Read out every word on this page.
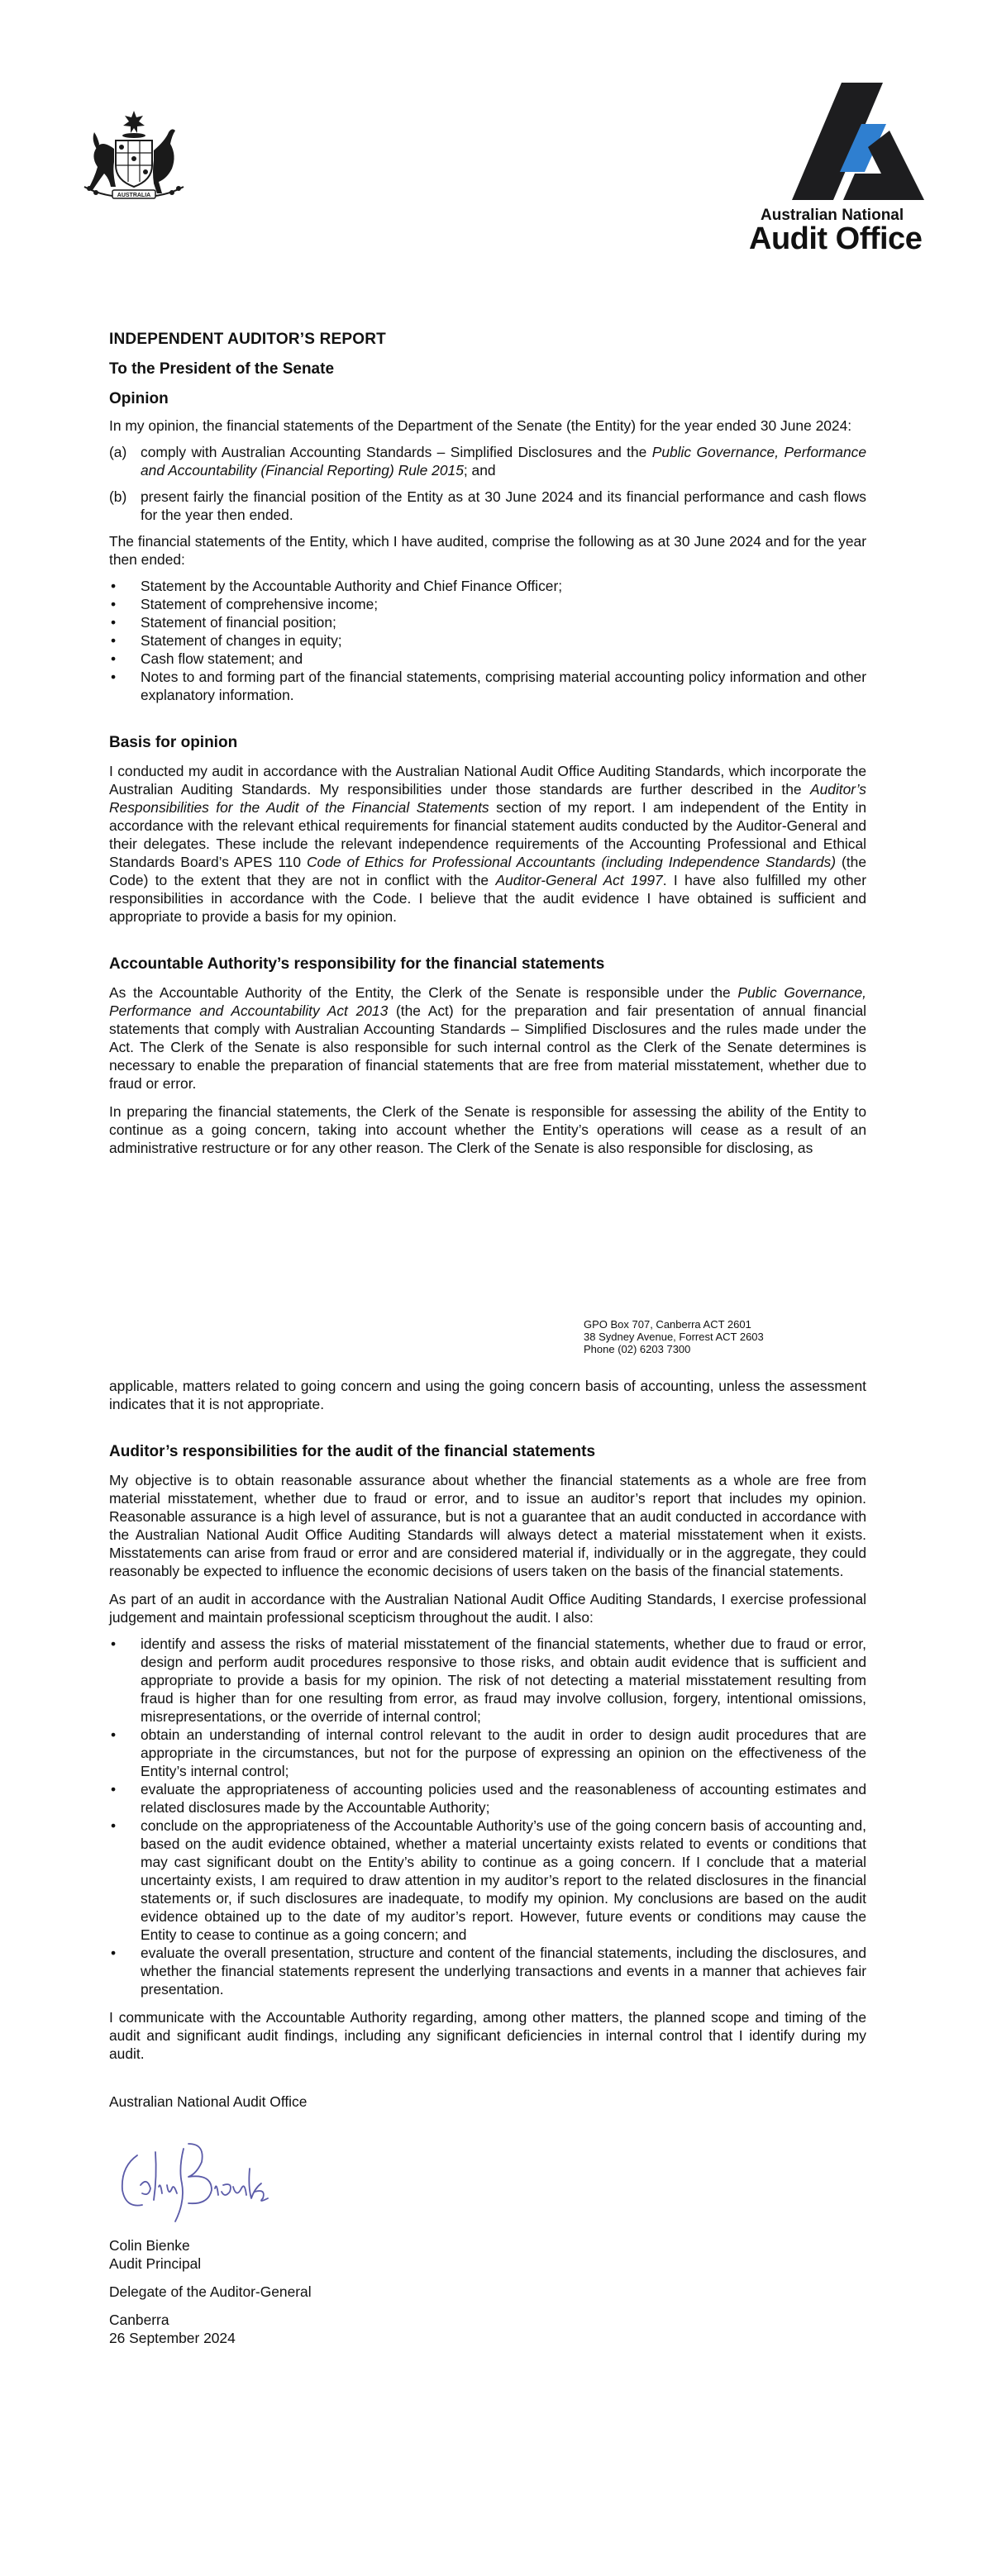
AUSTRALIA
Australian National
Audit Office
INDEPENDENT AUDITOR’S REPORT
To the President of the Senate
Opinion

In my opinion, the financial statements of the Department of the Senate (the Entity) for the year ended 30 June 2024:

(a) comply with Australian Accounting Standards – Simplified Disclosures and the Public Governance, Performance and Accountability (Financial Reporting) Rule 2015; and
(b) present fairly the financial position of the Entity as at 30 June 2024 and its financial performance and cash flows for the year then ended.

The financial statements of the Entity, which I have audited, comprise the following as at 30 June 2024 and for the year then ended:

• Statement by the Accountable Authority and Chief Finance Officer;
• Statement of comprehensive income;
• Statement of financial position;
• Statement of changes in equity;
• Cash flow statement; and
• Notes to and forming part of the financial statements, comprising material accounting policy information and other explanatory information.
Basis for opinion

I conducted my audit in accordance with the Australian National Audit Office Auditing Standards, which incorporate the Australian Auditing Standards. My responsibilities under those standards are further described in the Auditor’s Responsibilities for the Audit of the Financial Statements section of my report. I am independent of the Entity in accordance with the relevant ethical requirements for financial statement audits conducted by the Auditor-General and their delegates. These include the relevant independence requirements of the Accounting Professional and Ethical Standards Board’s APES 110 Code of Ethics for Professional Accountants (including Independence Standards) (the Code) to the extent that they are not in conflict with the Auditor-General Act 1997. I have also fulfilled my other responsibilities in accordance with the Code. I believe that the audit evidence I have obtained is sufficient and appropriate to provide a basis for my opinion.

Accountable Authority’s responsibility for the financial statements

As the Accountable Authority of the Entity, the Clerk of the Senate is responsible under the Public Governance, Performance and Accountability Act 2013 (the Act) for the preparation and fair presentation of annual financial statements that comply with Australian Accounting Standards – Simplified Disclosures and the rules made under the Act. The Clerk of the Senate is also responsible for such internal control as the Clerk of the Senate determines is necessary to enable the preparation of financial statements that are free from material misstatement, whether due to fraud or error.

In preparing the financial statements, the Clerk of the Senate is responsible for assessing the ability of the Entity to continue as a going concern, taking into account whether the Entity’s operations will cease as a result of an administrative restructure or for any other reason. The Clerk of the Senate is also responsible for disclosing, as

GPO Box 707, Canberra ACT 2601
38 Sydney Avenue, Forrest ACT 2603
Phone (02) 6203 7300

applicable, matters related to going concern and using the going concern basis of accounting, unless the assessment indicates that it is not appropriate.

Auditor’s responsibilities for the audit of the financial statements

My objective is to obtain reasonable assurance about whether the financial statements as a whole are free from material misstatement, whether due to fraud or error, and to issue an auditor’s report that includes my opinion. Reasonable assurance is a high level of assurance, but is not a guarantee that an audit conducted in accordance with the Australian National Audit Office Auditing Standards will always detect a material misstatement when it exists. Misstatements can arise from fraud or error and are considered material if, individually or in the aggregate, they could reasonably be expected to influence the economic decisions of users taken on the basis of the financial statements.

As part of an audit in accordance with the Australian National Audit Office Auditing Standards, I exercise professional judgement and maintain professional scepticism throughout the audit. I also:

• identify and assess the risks of material misstatement of the financial statements, whether due to fraud or error, design and perform audit procedures responsive to those risks, and obtain audit evidence that is sufficient and appropriate to provide a basis for my opinion. The risk of not detecting a material misstatement resulting from fraud is higher than for one resulting from error, as fraud may involve collusion, forgery, intentional omissions, misrepresentations, or the override of internal control;
• obtain an understanding of internal control relevant to the audit in order to design audit procedures that are appropriate in the circumstances, but not for the purpose of expressing an opinion on the effectiveness of the Entity’s internal control;
• evaluate the appropriateness of accounting policies used and the reasonableness of accounting estimates and related disclosures made by the Accountable Authority;
• conclude on the appropriateness of the Accountable Authority’s use of the going concern basis of accounting and, based on the audit evidence obtained, whether a material uncertainty exists related to events or conditions that may cast significant doubt on the Entity’s ability to continue as a going concern. If I conclude that a material uncertainty exists, I am required to draw attention in my auditor’s report to the related disclosures in the financial statements or, if such disclosures are inadequate, to modify my opinion. My conclusions are based on the audit evidence obtained up to the date of my auditor’s report. However, future events or conditions may cause the Entity to cease to continue as a going concern; and
• evaluate the overall presentation, structure and content of the financial statements, including the disclosures, and whether the financial statements represent the underlying transactions and events in a manner that achieves fair presentation.

I communicate with the Accountable Authority regarding, among other matters, the planned scope and timing of the audit and significant audit findings, including any significant deficiencies in internal control that I identify during my audit.

Australian National Audit Office
Colin Bienke
Audit Principal
Delegate of the Auditor-General
Canberra
26 September 2024
